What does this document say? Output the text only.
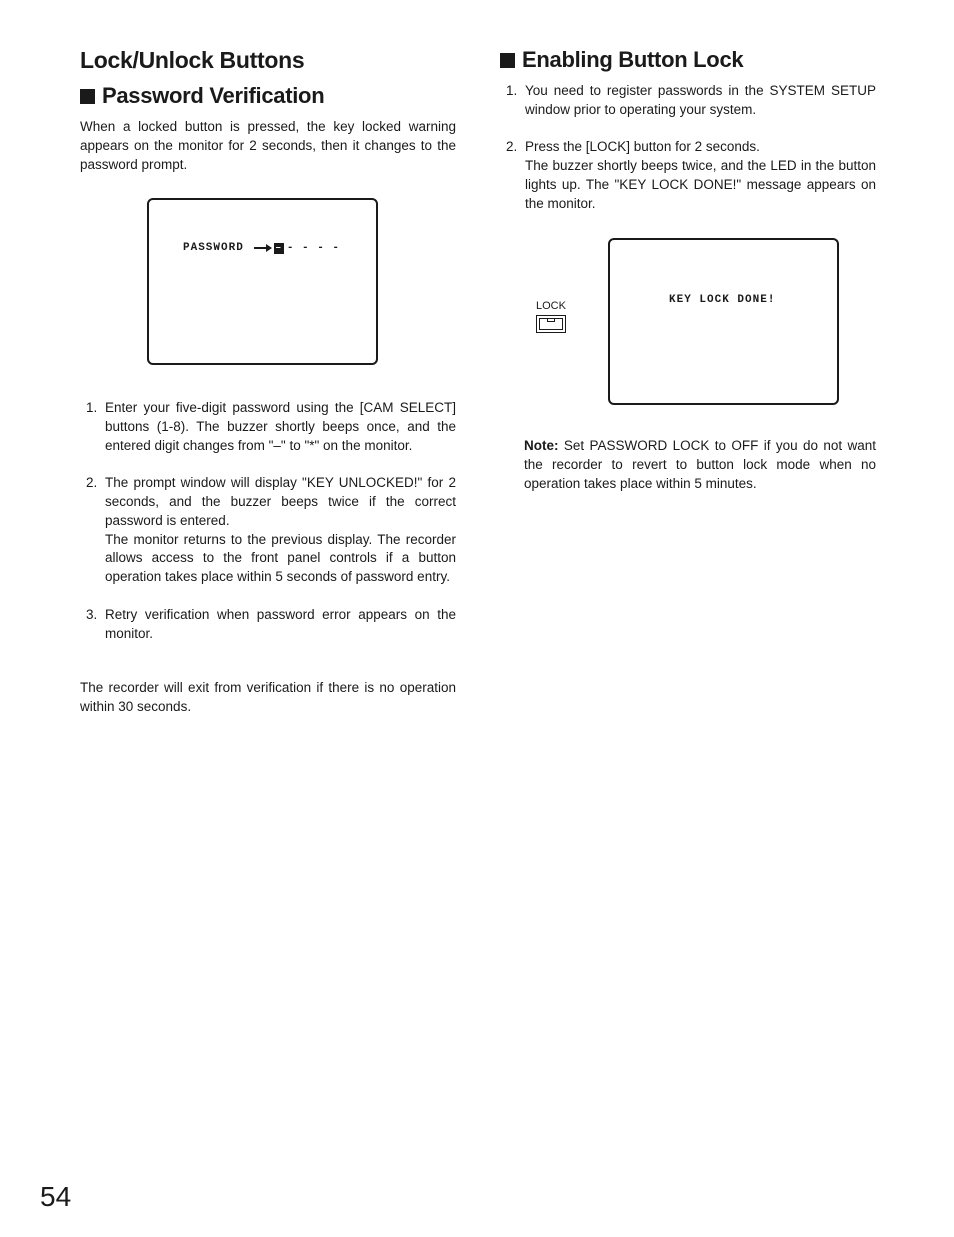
Lock/Unlock Buttons
Password Verification

When a locked button is pressed, the key locked warning appears on the monitor for 2 seconds, then it changes to the password prompt.

PASSWORD	– - - - -
1. Enter your five-digit password using the [CAM SELECT] buttons (1-8). The buzzer shortly beeps once, and the entered digit changes from "–" to "*" on the monitor.
2. The prompt window will display "KEY UNLOCKED!" for 2 seconds, and the buzzer beeps twice if the correct password is entered.
The monitor returns to the previous display. The recorder allows access to the front panel controls if a button operation takes place within 5 seconds of password entry.
3. Retry verification when password error appears on the monitor.

The recorder will exit from verification if there is no operation within 30 seconds.

Enabling Button Lock
1. You need to register passwords in the SYSTEM SETUP window prior to operating your system.
2. Press the [LOCK] button for 2 seconds.
The buzzer shortly beeps twice, and the LED in the button lights up. The "KEY LOCK DONE!" message appears on the monitor.
LOCK	KEY LOCK DONE!
Note: Set PASSWORD LOCK to OFF if you do not want the recorder to revert to button lock mode when no operation takes place within 5 minutes.
54
